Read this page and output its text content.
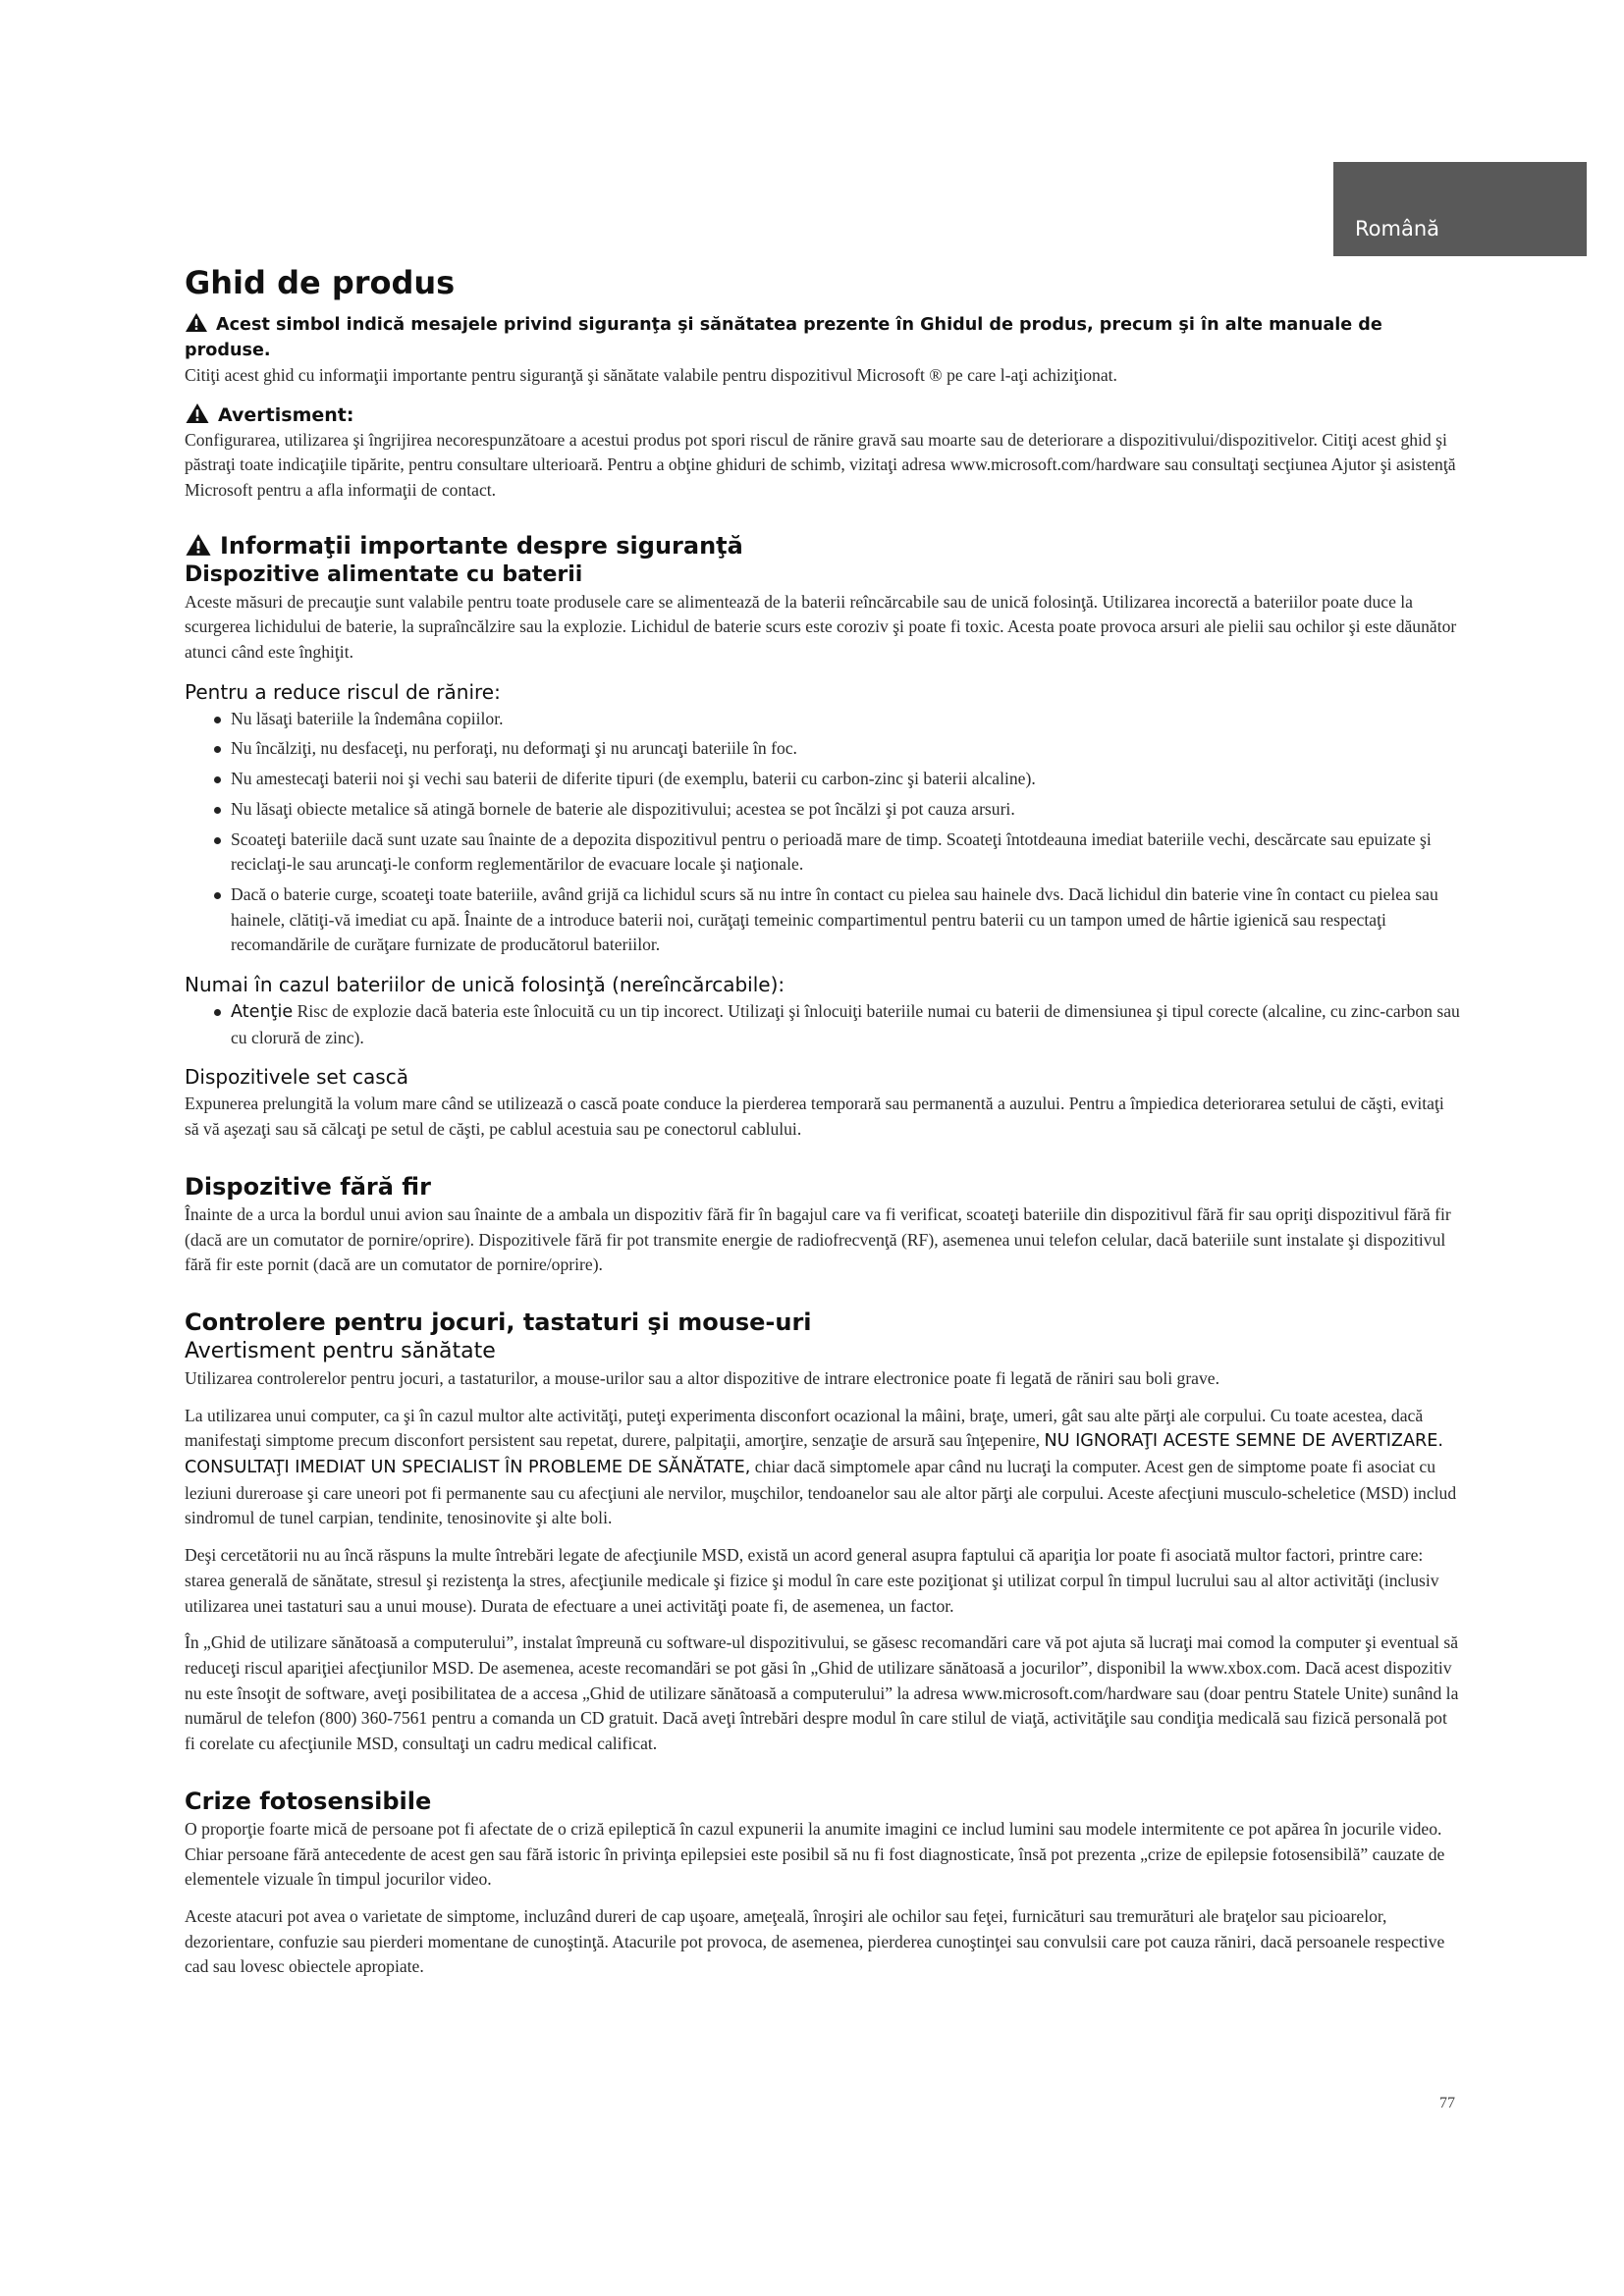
Română
Ghid de produs
Acest simbol indică mesajele privind siguranţa şi sănătatea prezente în Ghidul de produs, precum şi în alte manuale de produse.

Citiţi acest ghid cu informaţii importante pentru siguranţă şi sănătate valabile pentru dispozitivul Microsoft ® pe care l-aţi achiziţionat.

Avertisment:

Configurarea, utilizarea şi îngrijirea necorespunzătoare a acestui produs pot spori riscul de rănire gravă sau moarte sau de deteriorare a dispozitivului/dispozitivelor. Citiţi acest ghid şi păstraţi toate indicaţiile tipărite, pentru consultare ulterioară. Pentru a obţine ghiduri de schimb, vizitaţi adresa www.microsoft.com/hardware sau consultaţi secţiunea Ajutor şi asistenţă Microsoft pentru a afla informaţii de contact.

Informaţii importante despre siguranţă
Dispozitive alimentate cu baterii

Aceste măsuri de precauţie sunt valabile pentru toate produsele care se alimentează de la baterii reîncărcabile sau de unică folosinţă. Utilizarea incorectă a bateriilor poate duce la scurgerea lichidului de baterie, la supraîncălzire sau la explozie. Lichidul de baterie scurs este coroziv şi poate fi toxic. Acesta poate provoca arsuri ale pielii sau ochilor şi este dăunător atunci când este înghiţit.

Pentru a reduce riscul de rănire:
Nu lăsaţi bateriile la îndemâna copiilor.
Nu încălziţi, nu desfaceţi, nu perforaţi, nu deformaţi şi nu aruncaţi bateriile în foc.
Nu amestecaţi baterii noi şi vechi sau baterii de diferite tipuri (de exemplu, baterii cu carbon-zinc şi baterii alcaline).
Nu lăsaţi obiecte metalice să atingă bornele de baterie ale dispozitivului; acestea se pot încălzi şi pot cauza arsuri.
Scoateţi bateriile dacă sunt uzate sau înainte de a depozita dispozitivul pentru o perioadă mare de timp. Scoateţi întotdeauna imediat bateriile vechi, descărcate sau epuizate şi reciclaţi-le sau aruncaţi-le conform reglementărilor de evacuare locale şi naţionale.
Dacă o baterie curge, scoateţi toate bateriile, având grijă ca lichidul scurs să nu intre în contact cu pielea sau hainele dvs. Dacă lichidul din baterie vine în contact cu pielea sau hainele, clătiţi-vă imediat cu apă. Înainte de a introduce baterii noi, curăţaţi temeinic compartimentul pentru baterii cu un tampon umed de hârtie igienică sau respectaţi recomandările de curăţare furnizate de producătorul bateriilor.
Numai în cazul bateriilor de unică folosinţă (nereîncărcabile):
Atenţie Risc de explozie dacă bateria este înlocuită cu un tip incorect. Utilizaţi şi înlocuiţi bateriile numai cu baterii de dimensiunea şi tipul corecte (alcaline, cu zinc-carbon sau cu clorură de zinc).
Dispozitivele set cască

Expunerea prelungită la volum mare când se utilizează o cască poate conduce la pierderea temporară sau permanentă a auzului. Pentru a împiedica deteriorarea setului de căşti, evitaţi să vă aşezaţi sau să călcaţi pe setul de căşti, pe cablul acestuia sau pe conectorul cablului.

Dispozitive fără fir

Înainte de a urca la bordul unui avion sau înainte de a ambala un dispozitiv fără fir în bagajul care va fi verificat, scoateţi bateriile din dispozitivul fără fir sau opriţi dispozitivul fără fir (dacă are un comutator de pornire/oprire). Dispozitivele fără fir pot transmite energie de radiofrecvenţă (RF), asemenea unui telefon celular, dacă bateriile sunt instalate şi dispozitivul fără fir este pornit (dacă are un comutator de pornire/oprire).

Controlere pentru jocuri, tastaturi şi mouse-uri
Avertisment pentru sănătate

Utilizarea controlerelor pentru jocuri, a tastaturilor, a mouse-urilor sau a altor dispozitive de intrare electronice poate fi legată de răniri sau boli grave.

La utilizarea unui computer, ca şi în cazul multor alte activităţi, puteţi experimenta disconfort ocazional la mâini, braţe, umeri, gât sau alte părţi ale corpului. Cu toate acestea, dacă manifestaţi simptome precum disconfort persistent sau repetat, durere, palpitaţii, amorţire, senzaţie de arsură sau înţepenire, NU IGNORAŢI ACESTE SEMNE DE AVERTIZARE. CONSULTAŢI IMEDIAT UN SPECIALIST ÎN PROBLEME DE SĂNĂTATE, chiar dacă simptomele apar când nu lucraţi la computer. Acest gen de simptome poate fi asociat cu leziuni dureroase şi care uneori pot fi permanente sau cu afecţiuni ale nervilor, muşchilor, tendoanelor sau ale altor părţi ale corpului. Aceste afecţiuni musculo-scheletice (MSD) includ sindromul de tunel carpian, tendinite, tenosinovite şi alte boli.

Deşi cercetătorii nu au încă răspuns la multe întrebări legate de afecţiunile MSD, există un acord general asupra faptului că apariţia lor poate fi asociată multor factori, printre care: starea generală de sănătate, stresul şi rezistenţa la stres, afecţiunile medicale şi fizice şi modul în care este poziţionat şi utilizat corpul în timpul lucrului sau al altor activităţi (inclusiv utilizarea unei tastaturi sau a unui mouse). Durata de efectuare a unei activităţi poate fi, de asemenea, un factor.

În „Ghid de utilizare sănătoasă a computerului”, instalat împreună cu software-ul dispozitivului, se găsesc recomandări care vă pot ajuta să lucraţi mai comod la computer şi eventual să reduceţi riscul apariţiei afecţiunilor MSD. De asemenea, aceste recomandări se pot găsi în „Ghid de utilizare sănătoasă a jocurilor”, disponibil la www.xbox.com. Dacă acest dispozitiv nu este însoţit de software, aveţi posibilitatea de a accesa „Ghid de utilizare sănătoasă a computerului” la adresa www.microsoft.com/hardware sau (doar pentru Statele Unite) sunând la numărul de telefon (800) 360-7561 pentru a comanda un CD gratuit. Dacă aveţi întrebări despre modul în care stilul de viaţă, activităţile sau condiţia medicală sau fizică personală pot fi corelate cu afecţiunile MSD, consultaţi un cadru medical calificat.

Crize fotosensibile

O proporţie foarte mică de persoane pot fi afectate de o criză epileptică în cazul expunerii la anumite imagini ce includ lumini sau modele intermitente ce pot apărea în jocurile video. Chiar persoane fără antecedente de acest gen sau fără istoric în privinţa epilepsiei este posibil să nu fi fost diagnosticate, însă pot prezenta „crize de epilepsie fotosensibilă” cauzate de elementele vizuale în timpul jocurilor video.

Aceste atacuri pot avea o varietate de simptome, incluzând dureri de cap uşoare, ameţeală, înroşiri ale ochilor sau feţei, furnicături sau tremurături ale braţelor sau picioarelor, dezorientare, confuzie sau pierderi momentane de cunoştinţă. Atacurile pot provoca, de asemenea, pierderea cunoştinţei sau convulsii care pot cauza răniri, dacă persoanele respective cad sau lovesc obiectele apropiate.

77
